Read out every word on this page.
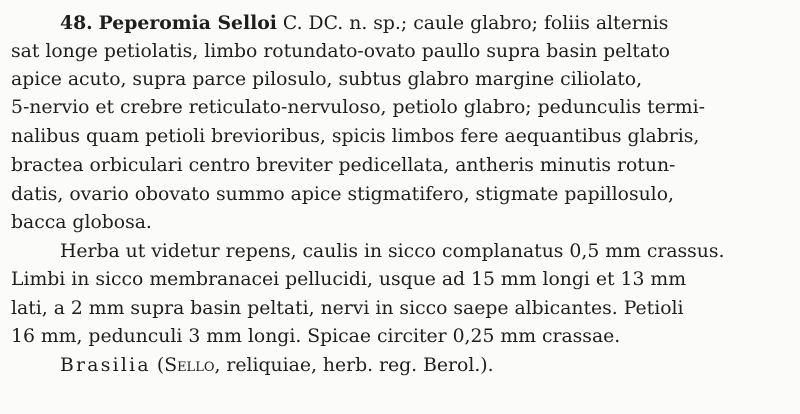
48. Peperomia Selloi C. DC. n. sp.; caule glabro; foliis alternis
sat longe petiolatis, limbo rotundato-ovato paullo supra basin peltato
apice acuto, supra parce pilosulo, subtus glabro margine ciliolato,
5-nervio et crebre reticulato-nervuloso, petiolo glabro; pedunculis termi-
nalibus quam petioli brevioribus, spicis limbos fere aequantibus glabris,
bractea orbiculari centro breviter pedicellata, antheris minutis rotun-
datis, ovario obovato summo apice stigmatifero, stigmate papillosulo,
bacca globosa.
Herba ut videtur repens, caulis in sicco complanatus 0,5 mm crassus.
Limbi in sicco membranacei pellucidi, usque ad 15 mm longi et 13 mm
lati, a 2 mm supra basin peltati, nervi in sicco saepe albicantes. Petioli
16 mm, pedunculi 3 mm longi. Spicae circiter 0,25 mm crassae.
Brasilia (Sello, reliquiae, herb. reg. Berol.).
